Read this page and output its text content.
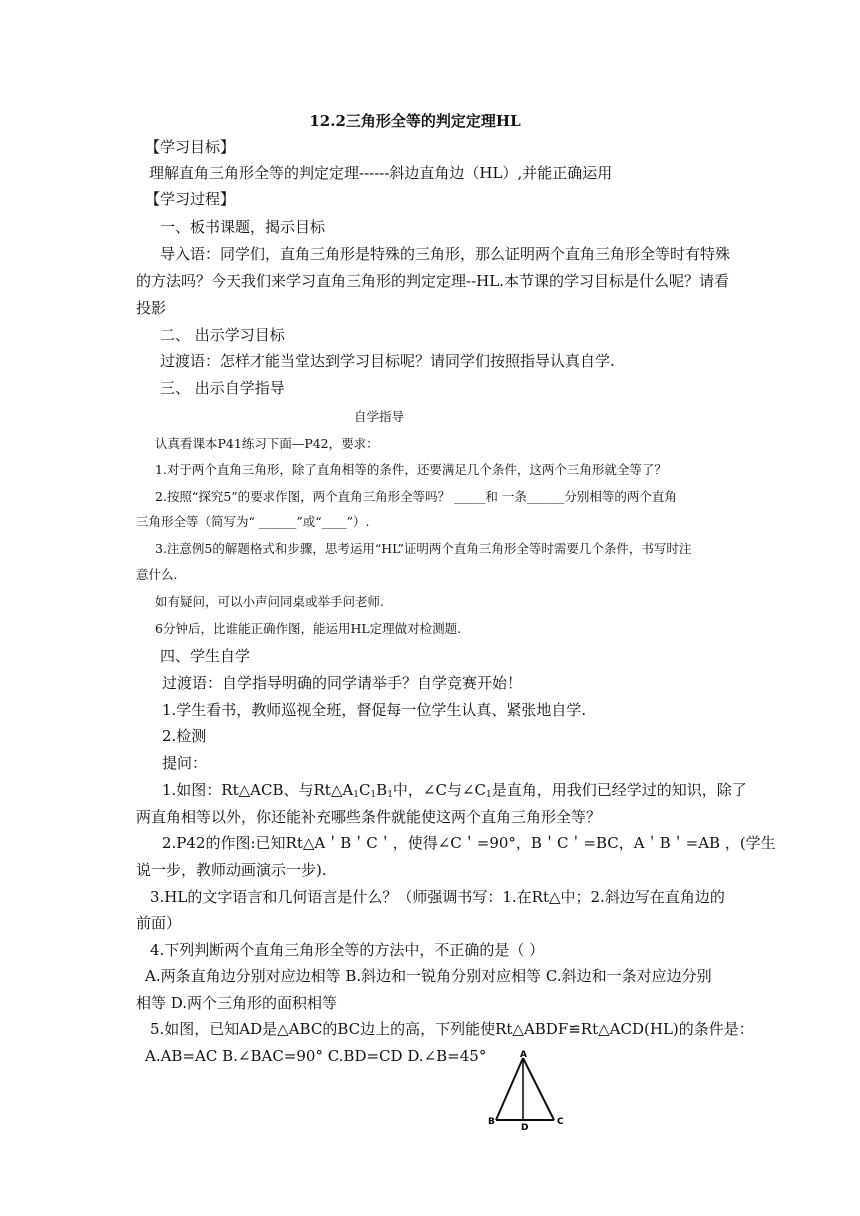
12.2三角形全等的判定定理HL
【学习目标】
理解直角三角形全等的判定定理------斜边直角边（HL）,并能正确运用
【学习过程】
一、板书课题，揭示目标
导入语：同学们，直角三角形是特殊的三角形，那么证明两个直角三角形全等时有特殊
的方法吗？今天我们来学习直角三角形的判定定理--HL.本节课的学习目标是什么呢？请看
投影
二、 出示学习目标
过渡语：怎样才能当堂达到学习目标呢？请同学们按照指导认真自学.
三、 出示自学指导
自学指导
认真看课本P41练习下面—P42，要求：
1.对于两个直角三角形，除了直角相等的条件，还要满足几个条件，这两个三角形就全等了？
2.按照“探究5”的要求作图，两个直角三角形全等吗？ _____和 一条______分别相等的两个直角
三角形全等（简写为“ ______”或“____”）.
3.注意例5的解题格式和步骤，思考运用“HL”证明两个直角三角形全等时需要几个条件，书写时注
意什么.
如有疑问，可以小声问同桌或举手问老师.
6分钟后，比谁能正确作图，能运用HL定理做对检测题.
四、学生自学
过渡语：自学指导明确的同学请举手？自学竞赛开始！
1.学生看书，教师巡视全班，督促每一位学生认真、紧张地自学.
2.检测
提问：
1.如图：Rt△ACB、与$Rt\triangle A_1C_1B_1$中，∠C与$\angle C_1$是直角，用我们已经学过的知识，除了
两直角相等以外，你还能补充哪些条件就能使这两个直角三角形全等？
2.P42的作图:已知Rt△A＇B＇C＇，使得∠C＇=90°，B＇C＇=BC，A＇B＇=AB ，(学生
说一步，教师动画演示一步).
3.HL的文字语言和几何语言是什么？（师强调书写：1.在Rt△中；2.斜边写在直角边的
前面）
4.下列判断两个直角三角形全等的方法中，不正确的是（ ）
A.两条直角边分别对应边相等 B.斜边和一锐角分别对应相等 C.斜边和一条对应边分别
相等 D.两个三角形的面积相等
5.如图，已知AD是△ABC的BC边上的高，下列能使Rt△ABDF≌Rt△ACD(HL)的条件是：
A.AB=AC B.∠BAC=90° C.BD=CD D.∠B=45°	A
B	C
D
